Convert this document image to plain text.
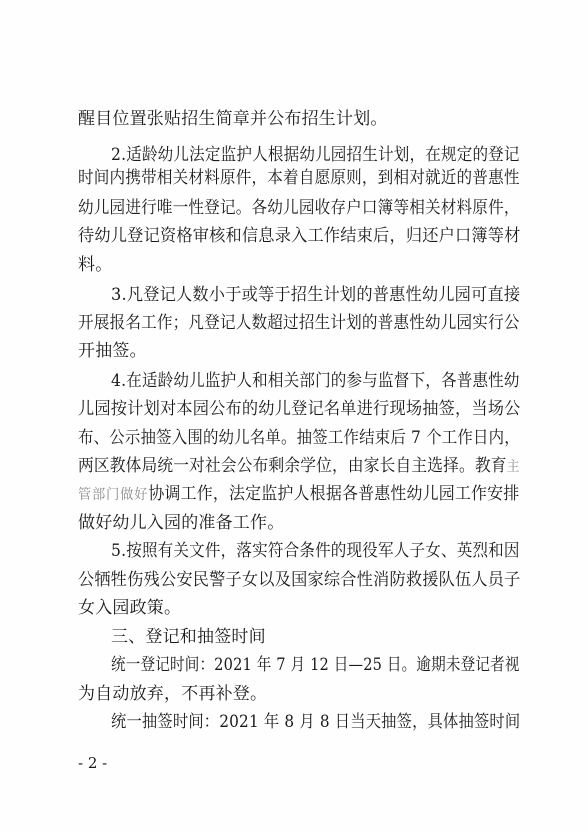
醒目位置张贴招生简章并公布招生计划。
2.适龄幼儿法定监护人根据幼儿园招生计划，在规定的登记
时间内携带相关材料原件，本着自愿原则，到相对就近的普惠性
幼儿园进行唯一性登记。各幼儿园收存户口簿等相关材料原件，
待幼儿登记资格审核和信息录入工作结束后，归还户口簿等材
料。
3.凡登记人数小于或等于招生计划的普惠性幼儿园可直接
开展报名工作；凡登记人数超过招生计划的普惠性幼儿园实行公
开抽签。
4.在适龄幼儿监护人和相关部门的参与监督下，各普惠性幼
儿园按计划对本园公布的幼儿登记名单进行现场抽签，当场公
布、公示抽签入围的幼儿名单。抽签工作结束后 7 个工作日内，
两区教体局统一对社会公布剩余学位，由家长自主选择。教育主
管部门做好协调工作，法定监护人根据各普惠性幼儿园工作安排
做好幼儿入园的准备工作。
5.按照有关文件，落实符合条件的现役军人子女、英烈和因
公牺牲伤残公安民警子女以及国家综合性消防救援队伍人员子
女入园政策。
三、登记和抽签时间
统一登记时间：2021 年 7 月 12 日—25 日。逾期未登记者视
为自动放弃，不再补登。
统一抽签时间：2021 年 8 月 8 日当天抽签，具体抽签时间
- 2 -
